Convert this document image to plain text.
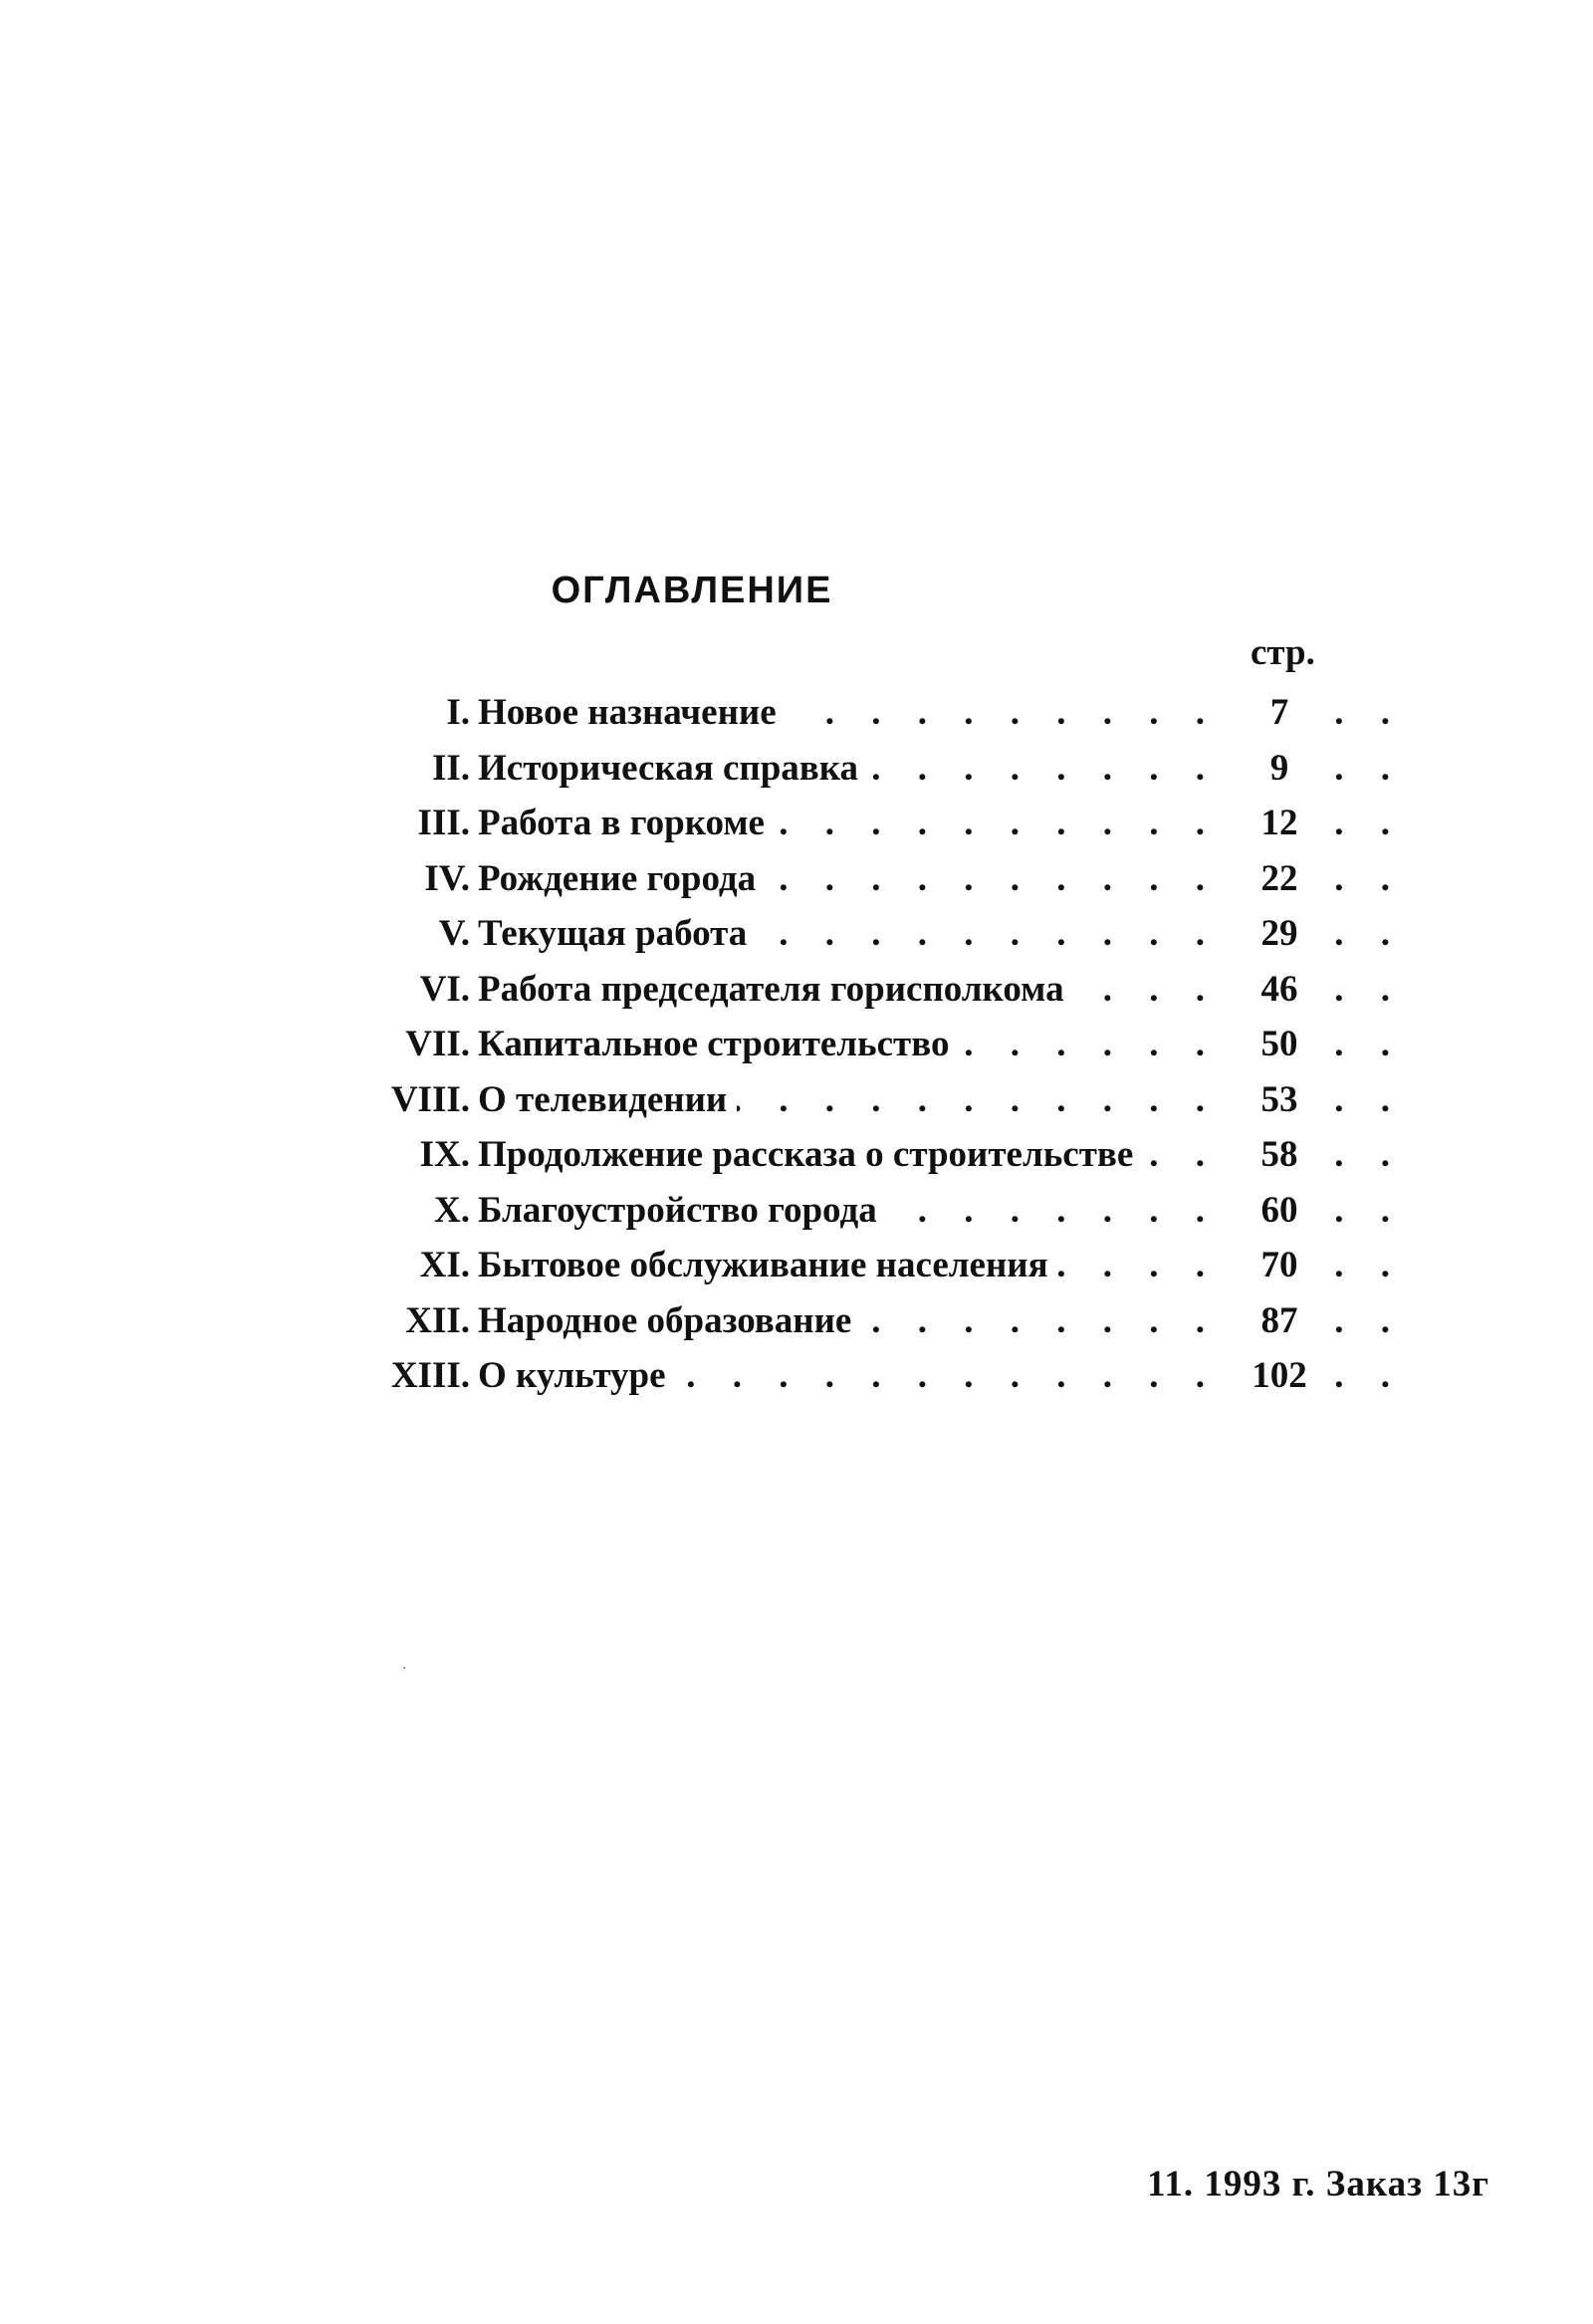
ОГЛАВЛЕНИЕ
стр.
I. . . . Новое назначение	7
II. . . . Историческая справка	9
III. . . . Работа в горкоме	12
IV. . . . Рождение города	22
V. . . . Текущая работа	29
VI. . . . Работа председателя горисполкома	46
VII. . . . Капитальное строительство	50
VIII. . . . О телевидении	53
IX. . . . Продолжение рассказа о строительстве	58
X. . . . Благоустройство города	60
XI. . . . Бытовое обслуживание населения	70
XII. . . . Народное образование	87
XIII. . . . О культуре	102
11. 1993 г. Заказ 13г
